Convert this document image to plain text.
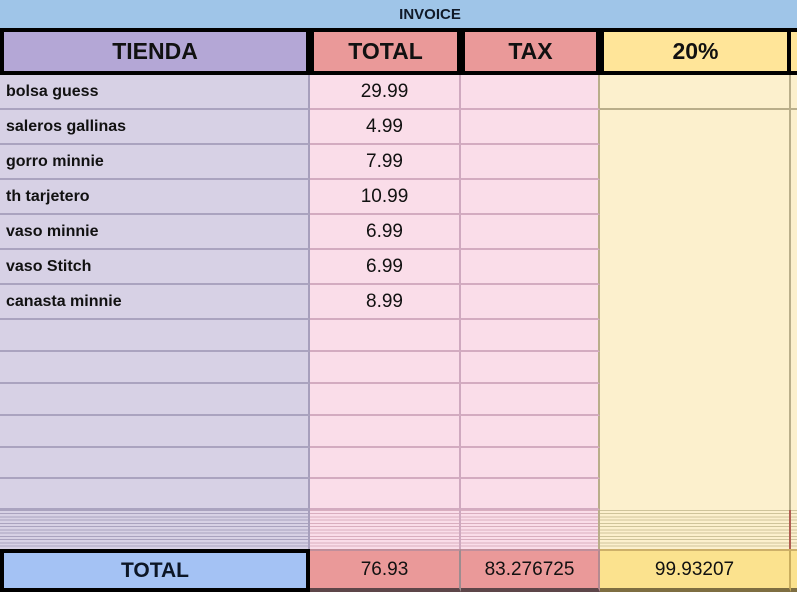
INVOICE
TIENDA	TOTAL	TAX	20%
bolsa guess	29.99
saleros gallinas	4.99
gorro minnie	7.99
th tarjetero	10.99
vaso minnie	6.99
vaso Stitch	6.99
canasta minnie	8.99
TOTAL	76.93	83.276725	99.93207
